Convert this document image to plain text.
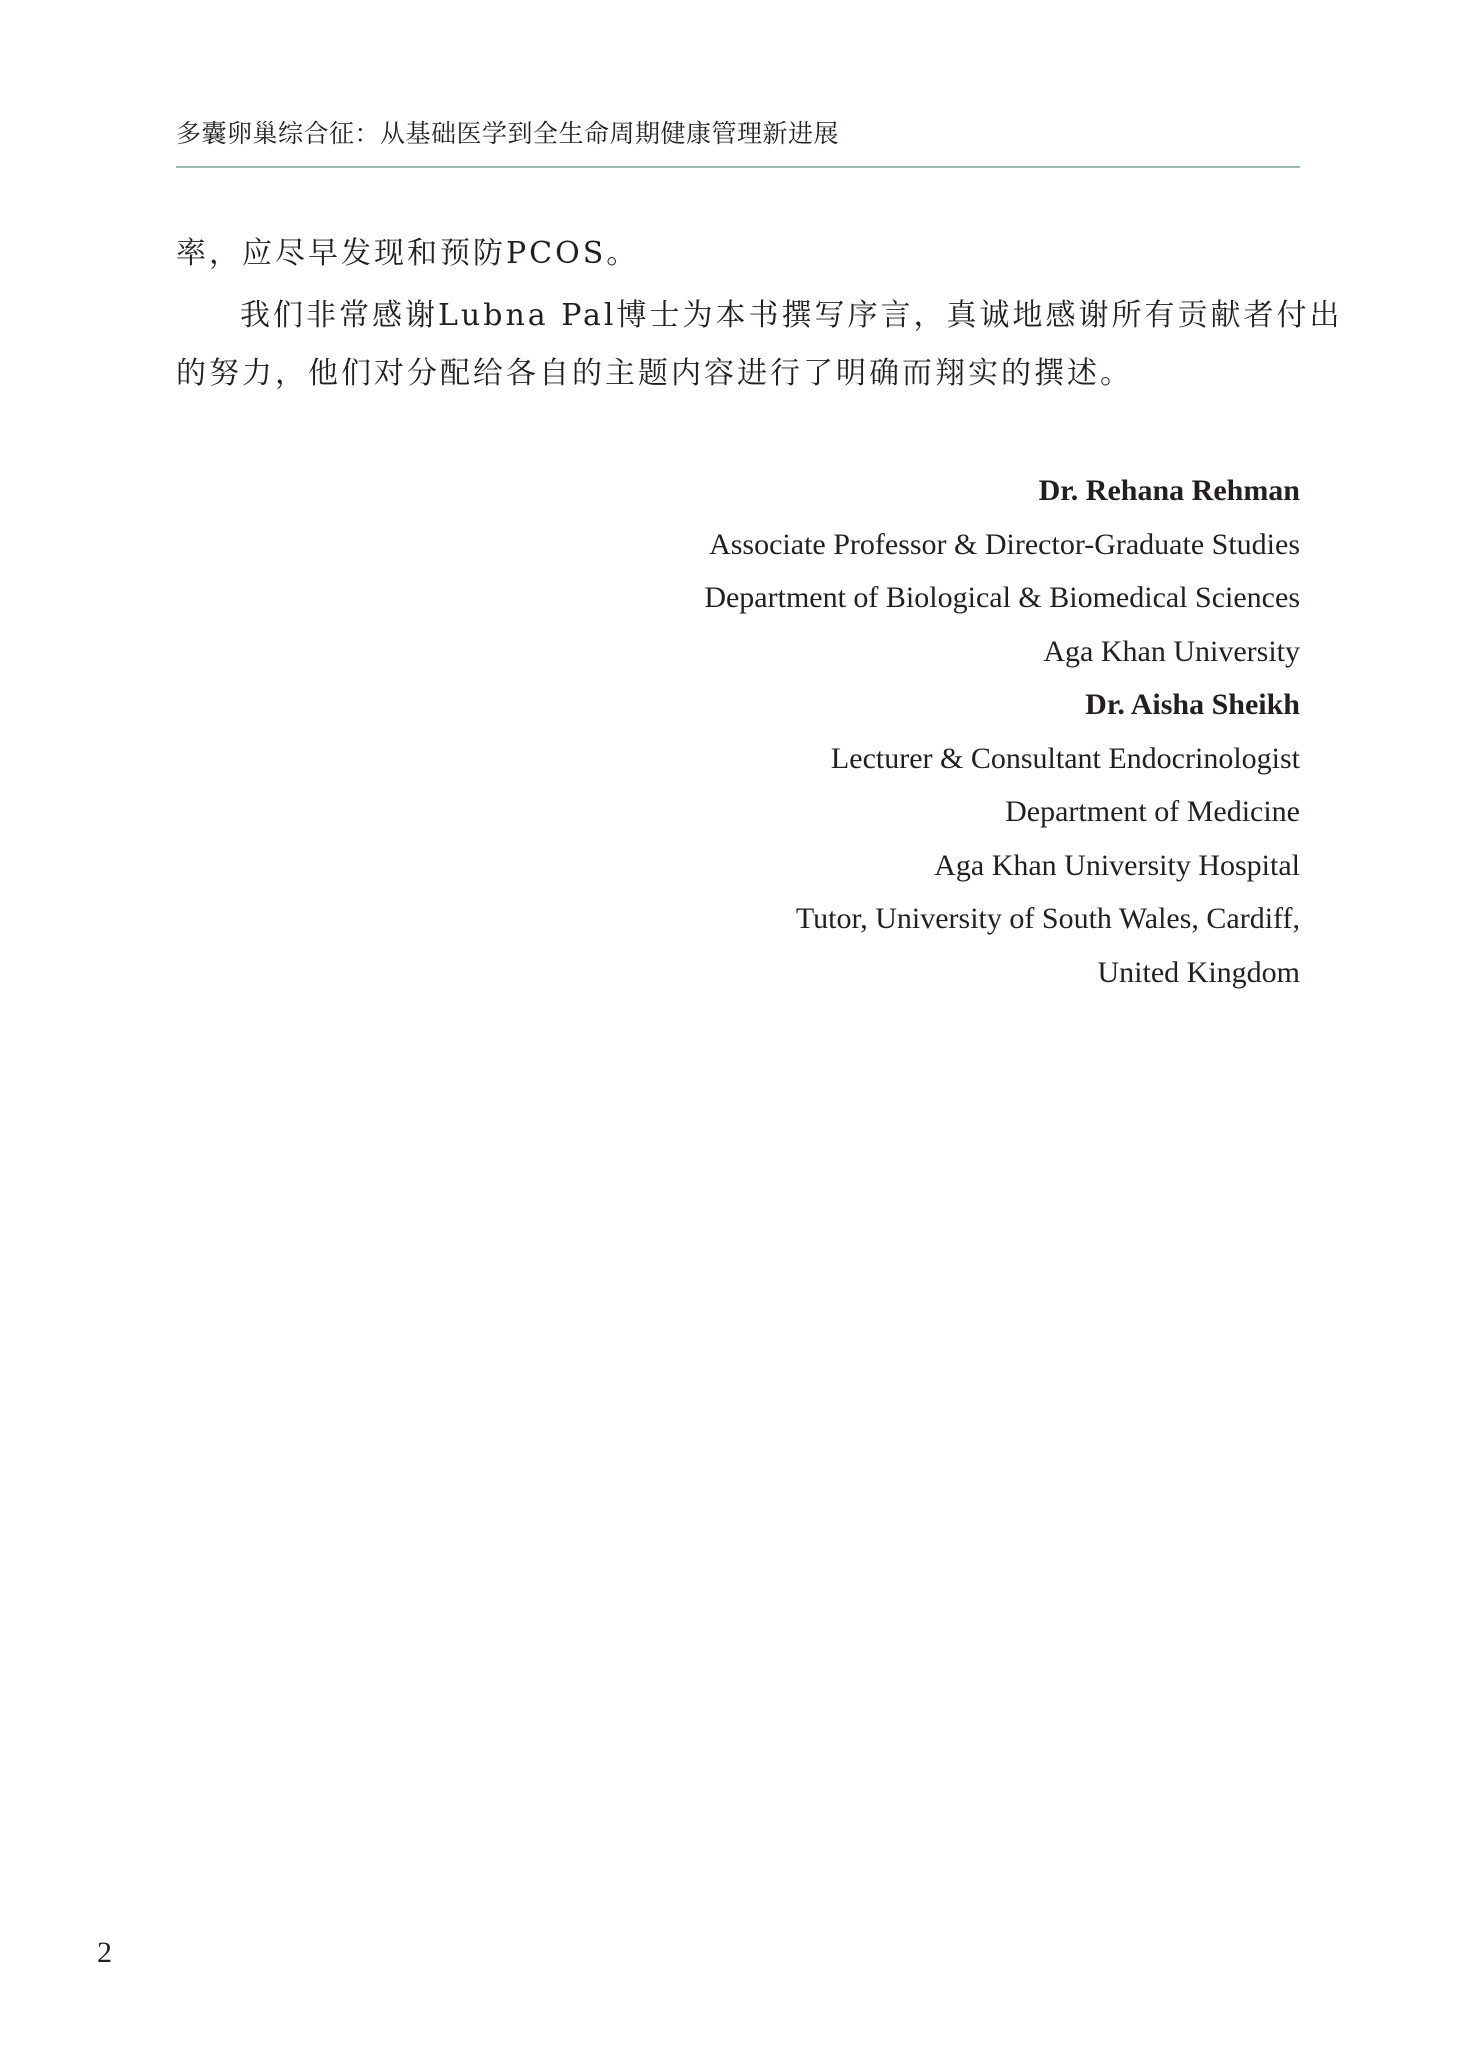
多囊卵巢综合征：从基础医学到全生命周期健康管理新进展
率，应尽早发现和预防PCOS。
我们非常感谢Lubna Pal博士为本书撰写序言，真诚地感谢所有贡献者付出
的努力，他们对分配给各自的主题内容进行了明确而翔实的撰述。
Dr. Rehana Rehman
Associate Professor & Director-Graduate Studies
Department of Biological & Biomedical Sciences
Aga Khan University
Dr. Aisha Sheikh
Lecturer & Consultant Endocrinologist
Department of Medicine
Aga Khan University Hospital
Tutor, University of South Wales, Cardiff,
United Kingdom
2
